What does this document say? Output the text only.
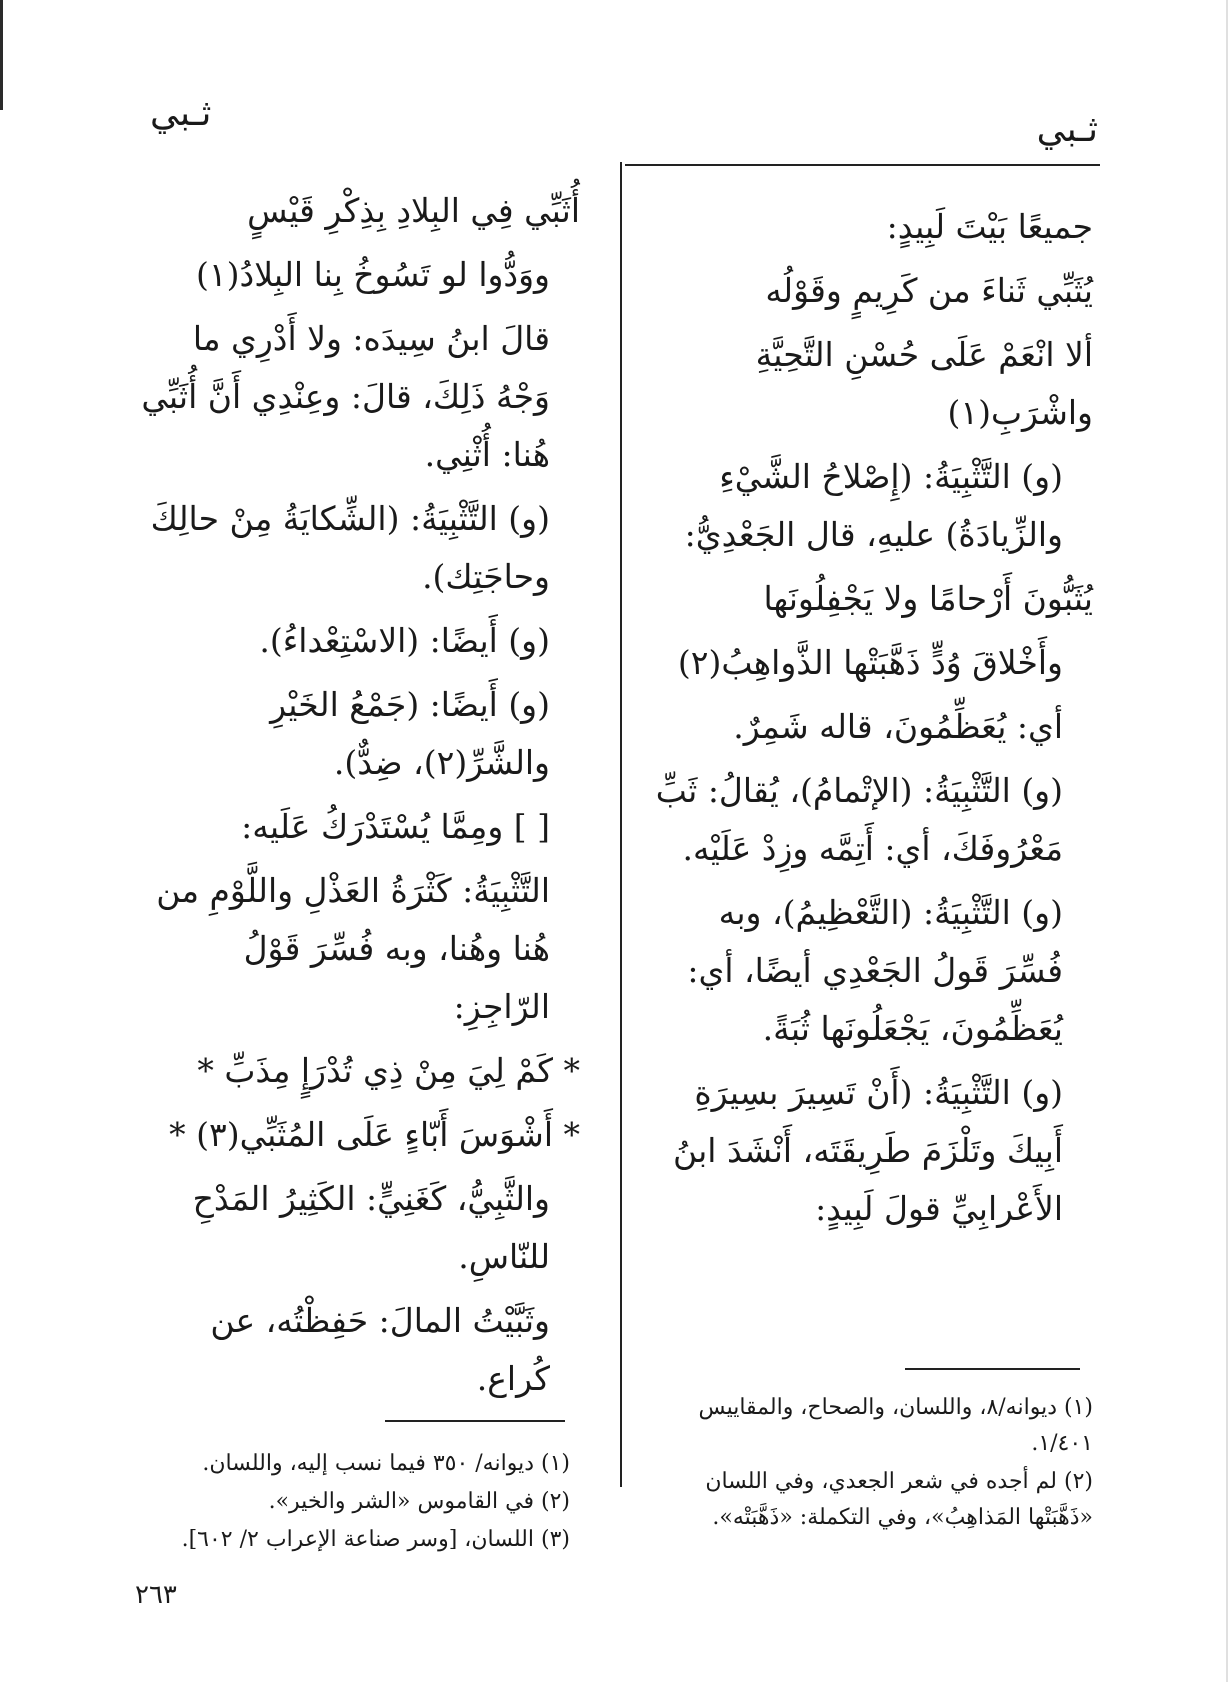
ثـبي	ثـبي

جميعًا بَيْتَ لَبِيدٍ:

يُثَبِّي ثَناءَ من كَرِيمٍ وقَوْلُه

ألا انْعَمْ عَلَى حُسْنِ التَّحِيَّةِ واشْرَبِ(١)

(و) التَّثْبِيَةُ: (إِصْلاحُ الشَّيْءِ والزِّيادَةُ) عليهِ، قال الجَعْدِيُّ:

يُثَبُّونَ أَرْحامًا ولا يَجْفِلُونَها

وأَخْلاقَ وُدٍّ ذَهَّبَتْها الذَّواهِبُ(٢)

أي: يُعَظِّمُونَ، قاله شَمِرٌ.

(و) التَّثْبِيَةُ: (الإتْمامُ)، يُقالُ: ثَبِّ مَعْرُوفَكَ، أي: أَتِمَّه وزِدْ عَلَيْه.

(و) التَّثْبِيَةُ: (التَّعْظِيمُ)، وبه فُسِّرَ قَولُ الجَعْدِي أيضًا، أي: يُعَظِّمُونَ، يَجْعَلُونَها ثُبَةً.

(و) التَّثْبِيَةُ: (أَنْ تَسِيرَ بسِيرَةِ أَبِيكَ وتَلْزَمَ طَرِيقَتَه، أَنْشَدَ ابنُ الأَعْرابِيِّ قولَ لَبِيدٍ:

أُثَبِّي فِي البِلادِ بِذِكْرِ قَيْسٍ

ووَدُّوا لو تَسُوخُ بِنا البِلادُ(١)

قالَ ابنُ سِيدَه: ولا أَدْرِي ما وَجْهُ ذَلِكَ، قالَ: وعِنْدِي أَنَّ أُثَبِّي هُنا: أُثْنِي.

(و) التَّثْبِيَةُ: (الشِّكايَةُ مِنْ حالِكَ وحاجَتِك).

(و) أَيضًا: (الاسْتِعْداءُ).

(و) أَيضًا: (جَمْعُ الخَيْرِ والشَّرِّ(٢)، ضِدٌّ).

[ ] ومِمَّا يُسْتَدْرَكُ عَلَيه:

التَّثْبِيَةُ: كَثْرَةُ العَذْلِ واللَّوْمِ من هُنا وهُنا، وبه فُسِّرَ قَوْلُ الرّاجِزِ:

* كَمْ لِيَ مِنْ ذِي تُدْرَإٍ مِذَبِّ *

* أَشْوَسَ أَبّاءٍ عَلَى المُثَبِّي(٣) *

والثَّبِيُّ، كَغَنِيٍّ: الكَثِيرُ المَدْحِ للنّاسِ.

وثَبَّيْتُ المالَ: حَفِظْتُه، عن كُراع.

(١) ديوانه/٨، واللسان، والصحاح، والمقاييس ١/٤٠١.

(٢) لم أجده في شعر الجعدي، وفي اللسان «ذَهَّبَتْها المَذاهِبُ»، وفي التكملة: «ذَهَّبَتْه».

(١) ديوانه/ ٣٥٠ فيما نسب إليه، واللسان.

(٢) في القاموس «الشر والخير».

(٣) اللسان، [وسر صناعة الإعراب ٢/ ٦٠٢].

٢٦٣
